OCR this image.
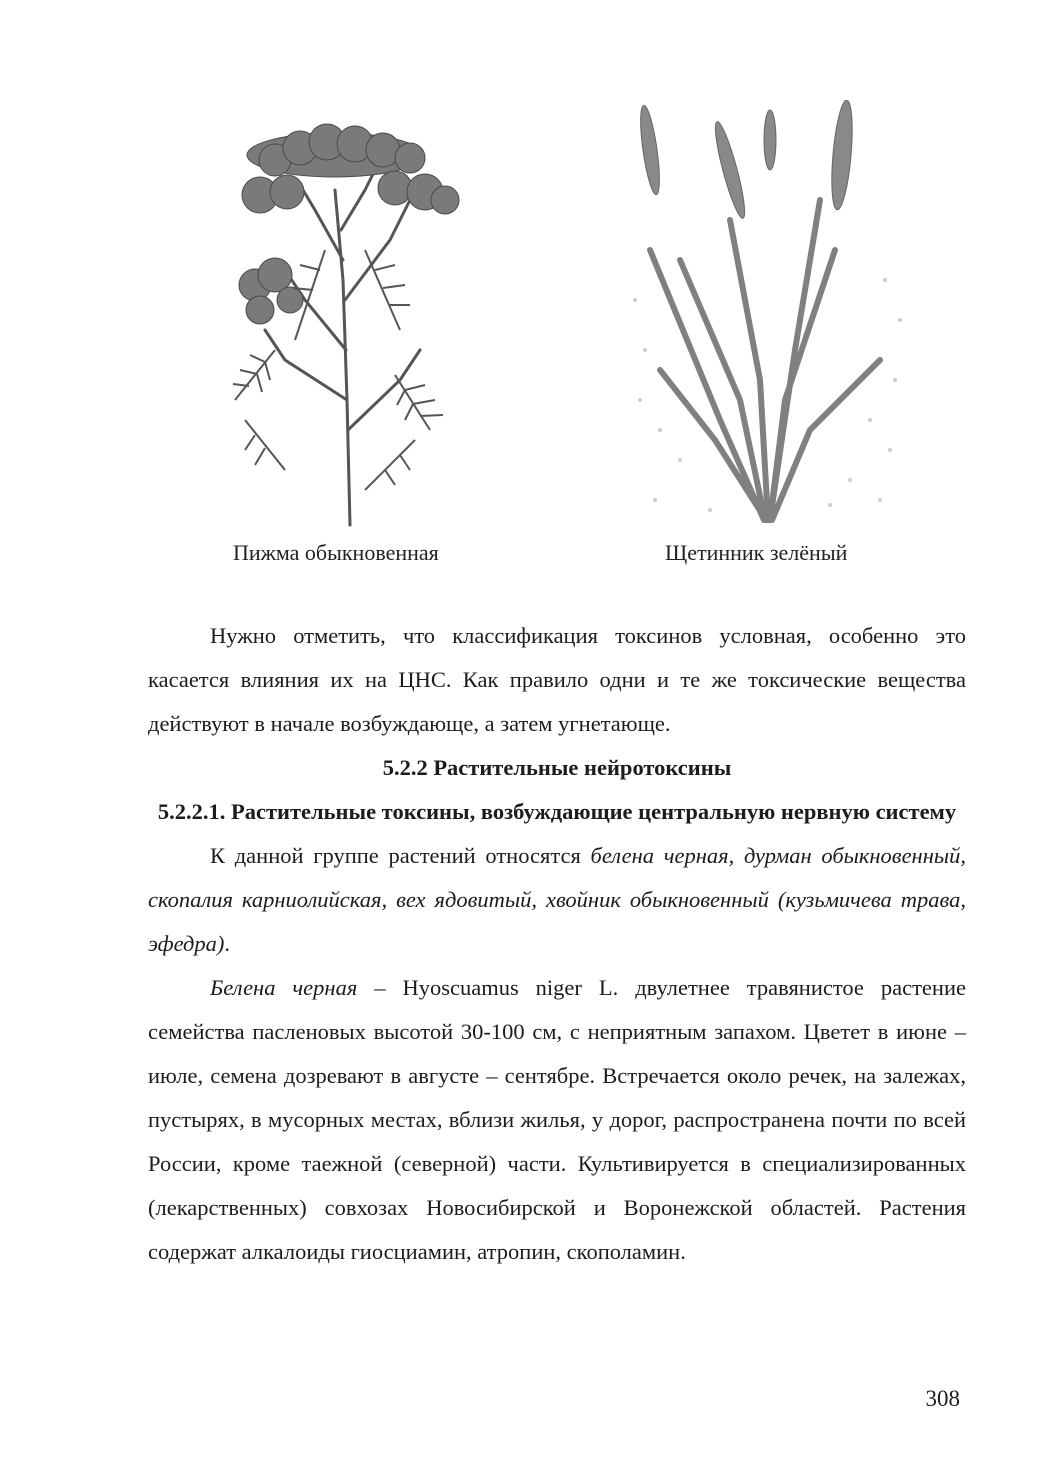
Пижма обыкновенная	Щетинник зелёный

Нужно отметить, что классификация токсинов условная, особенно это касается влияния их на ЦНС. Как правило одни и те же токсические вещества действуют в начале возбуждающе, а затем угнетающе.

5.2.2 Растительные нейротоксины

5.2.2.1. Растительные токсины, возбуждающие центральную нервную систему

К данной группе растений относятся белена черная, дурман обыкновенный, скопалия карниолийская, вех ядовитый, хвойник обыкновенный (кузьмичева трава, эфедра).

Белена черная – Hyoscuamus niger L. двулетнее травянистое растение семейства пасленовых высотой 30-100 см, с неприятным запахом. Цветет в июне – июле, семена дозревают в августе – сентябре. Встречается около речек, на залежах, пустырях, в мусорных местах, вблизи жилья, у дорог, распространена почти по всей России, кроме таежной (северной) части. Культивируется в специализированных (лекарственных) совхозах Новосибирской и Воронежской областей. Растения содержат алкалоиды гиосциамин, атропин, скополамин.

308
